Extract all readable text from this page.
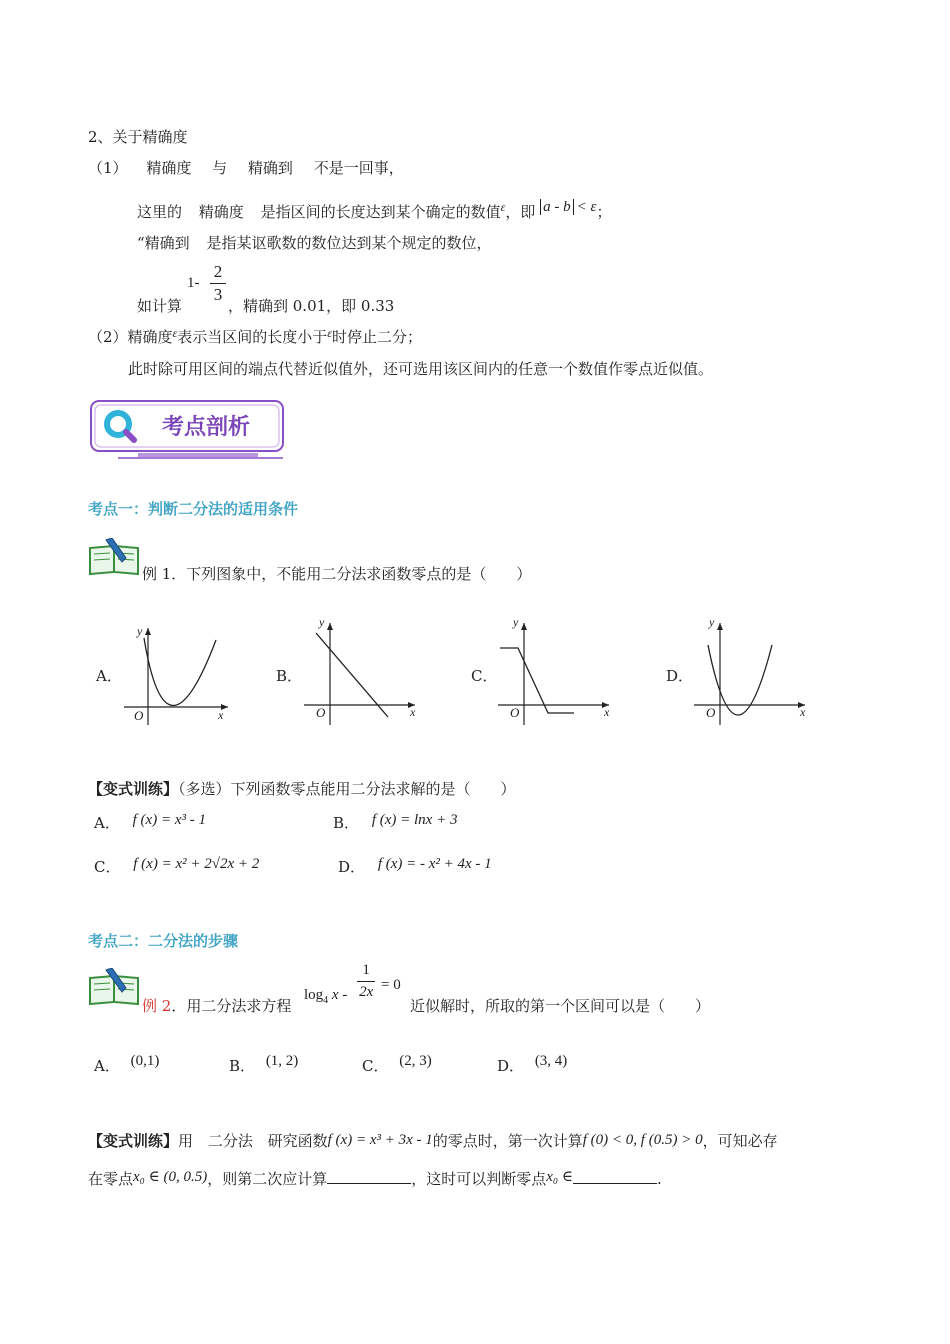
2、关于精确度
（1） 精确度 与 精确到 不是一回事，
这里的 精确度 是指区间的长度达到某个确定的数值$^\varepsilon$，即 a - b < ε；
“精确到 是指某讴歌数的数位达到某个规定的数位，
1-
2
3
如计算	，精确到 0.01，即 0.33
（2）精确度$^\varepsilon$表示当区间的长度小于$^\varepsilon$时停止二分；
此时除可用区间的端点代替近似值外，还可选用该区间内的任意一个数值作零点近似值。
考点剖析
考点一：判断二分法的适用条件
例 1．下列图象中，不能用二分法求函数零点的是（　　）
A．
y
O	x
B．
y
O	x
C．
y
O	x
D．
y
O	x
【变式训练】（多选）下列函数零点能用二分法求解的是（　　）
A． f (x) = x³ - 1	B． f (x) = lnx + 3
C． f (x) = x² + 2√2x + 2	D． f (x) = - x² + 4x - 1
考点二：二分法的步骤
例 2．用二分法求方程
$\log_4 x - \frac{1}{2x} = 0$
近似解时，所取的第一个区间可以是（　　）
A． (0,1)	B． (1, 2)	C． (2, 3)	D． (3, 4)
【变式训练】用 二分法 研究函数f (x) = x³ + 3x - 1的零点时，第一次计算f (0) < 0, f (0.5) > 0，可知必存
在零点x₀ ∈ (0, 0.5)，则第二次应计算	，这时可以判断零点x₀ ∈	.
